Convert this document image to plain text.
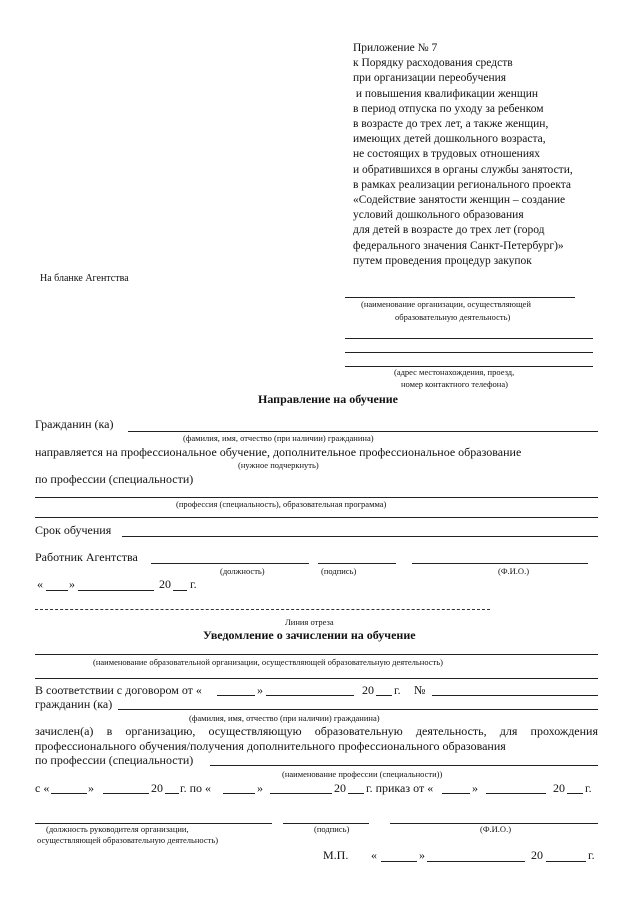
Приложение № 7
к Порядку расходования средств
при организации переобучения
и повышения квалификации женщин
в период отпуска по уходу за ребенком
в возрасте до трех лет, а также женщин,
имеющих детей дошкольного возраста,
не состоящих в трудовых отношениях
и обратившихся в органы службы занятости,
в рамках реализации регионального проекта
«Содействие занятости женщин – создание
условий дошкольного образования
для детей в возрасте до трех лет (город
федерального значения Санкт-Петербург)»
путем проведения процедур закупок
На бланке Агентства
(наименование организации, осуществляющей
образовательную деятельность)
(адрес местонахождения, проезд,
номер контактного телефона)
Направление на обучение
Гражданин (ка)
(фамилия, имя, отчество (при наличии) гражданина)
направляется на профессиональное обучение, дополнительное профессиональное образование
(нужное подчеркнуть)
по профессии (специальности)
(профессия (специальность), образовательная программа)
Срок обучения
Работник Агентства
(должность)	(подпись)	(Ф.И.О.)
« »	20 г.
Линия отреза
Уведомление о зачислении на обучение
(наименование образовательной организации, осуществляющей образовательную деятельность)
В соответствии с договором от «	»	20 г. №
гражданин (ка)
(фамилия, имя, отчество (при наличии) гражданина)
зачислен(а) в организацию, осуществляющую образовательную деятельность, для прохождения
профессионального обучения/получения дополнительного профессионального образования
по профессии (специальности)
(наименование профессии (специальности))
с «	»	20 г. по «	»	20 г. приказ от «	»	20 г.
(должность руководителя организации,
осуществляющей образовательную деятельность)
(подпись)	(Ф.И.О.)
М.П. «	»	20	г.
